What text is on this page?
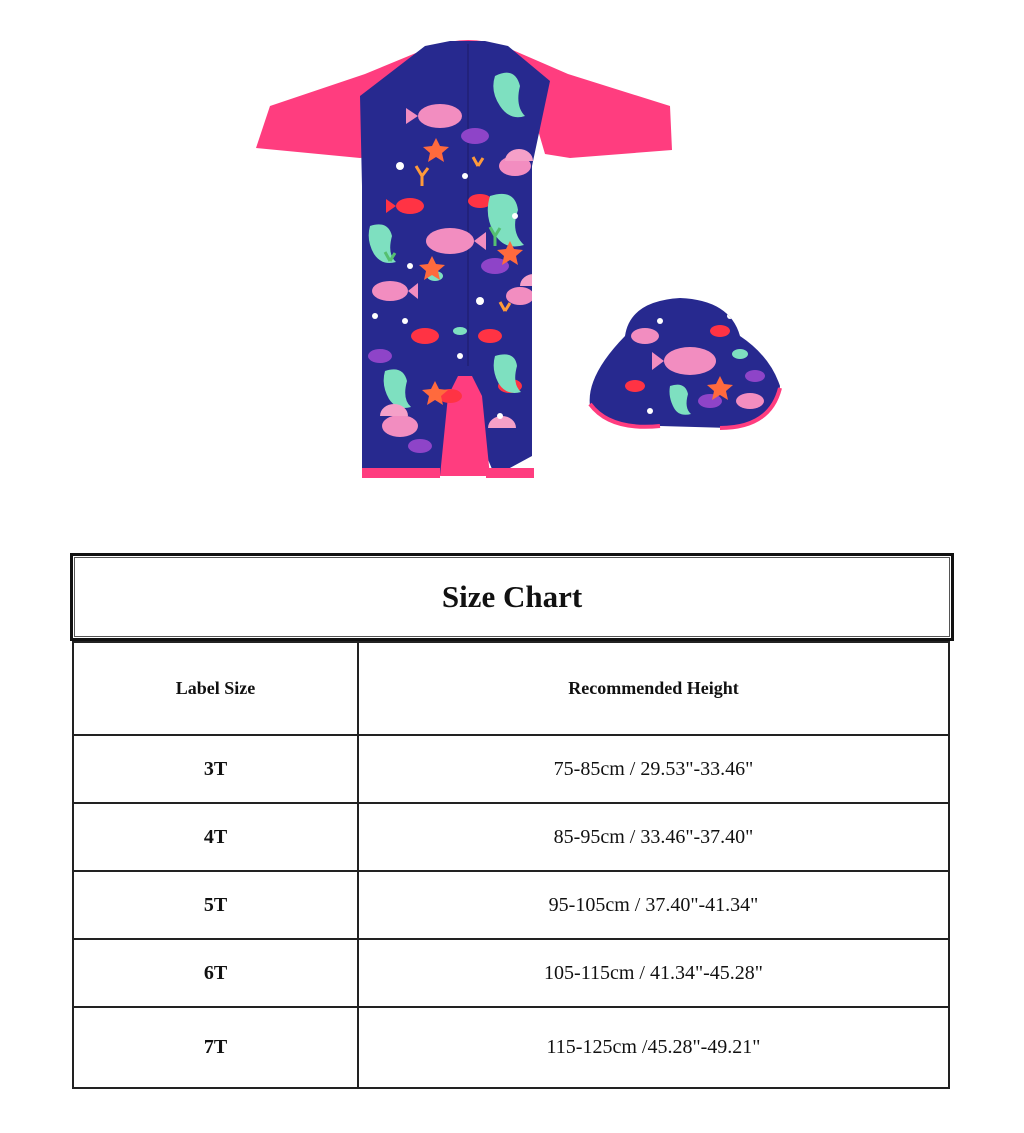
Size Chart
Label Size	Recommended Height
3T	75-85cm / 29.53"-33.46"
4T	85-95cm / 33.46"-37.40"
5T	95-105cm / 37.40"-41.34"
6T	105-115cm / 41.34"-45.28"
7T	115-125cm /45.28"-49.21"
